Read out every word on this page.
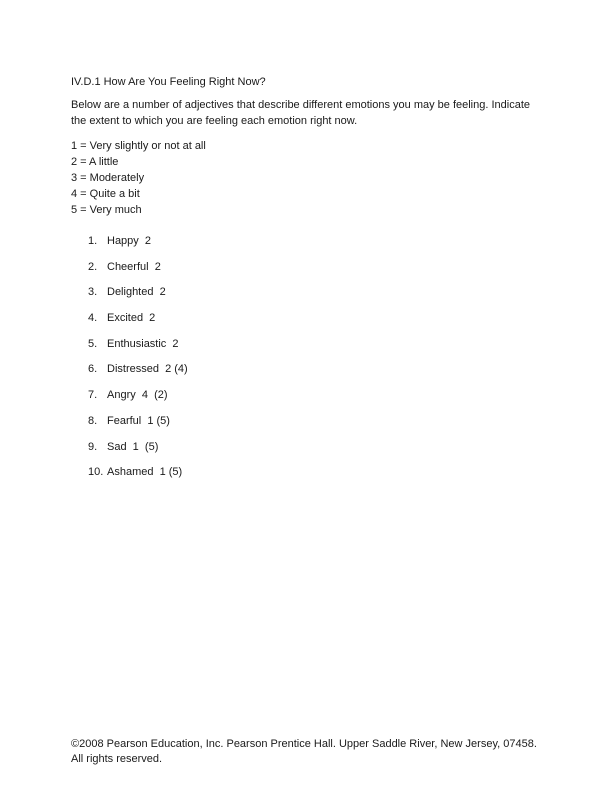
IV.D.1 How Are You Feeling Right Now?
Below are a number of adjectives that describe different emotions you may be feeling. Indicate the extent to which you are feeling each emotion right now.
1 = Very slightly or not at all
2 = A little
3 = Moderately
4 = Quite a bit
5 = Very much
1. Happy  2
2. Cheerful  2
3. Delighted  2
4. Excited  2
5. Enthusiastic  2
6. Distressed  2 (4)
7. Angry  4  (2)
8. Fearful  1 (5)
9. Sad  1  (5)
10. Ashamed  1 (5)
©2008 Pearson Education, Inc. Pearson Prentice Hall. Upper Saddle River, New Jersey, 07458. All rights reserved.
